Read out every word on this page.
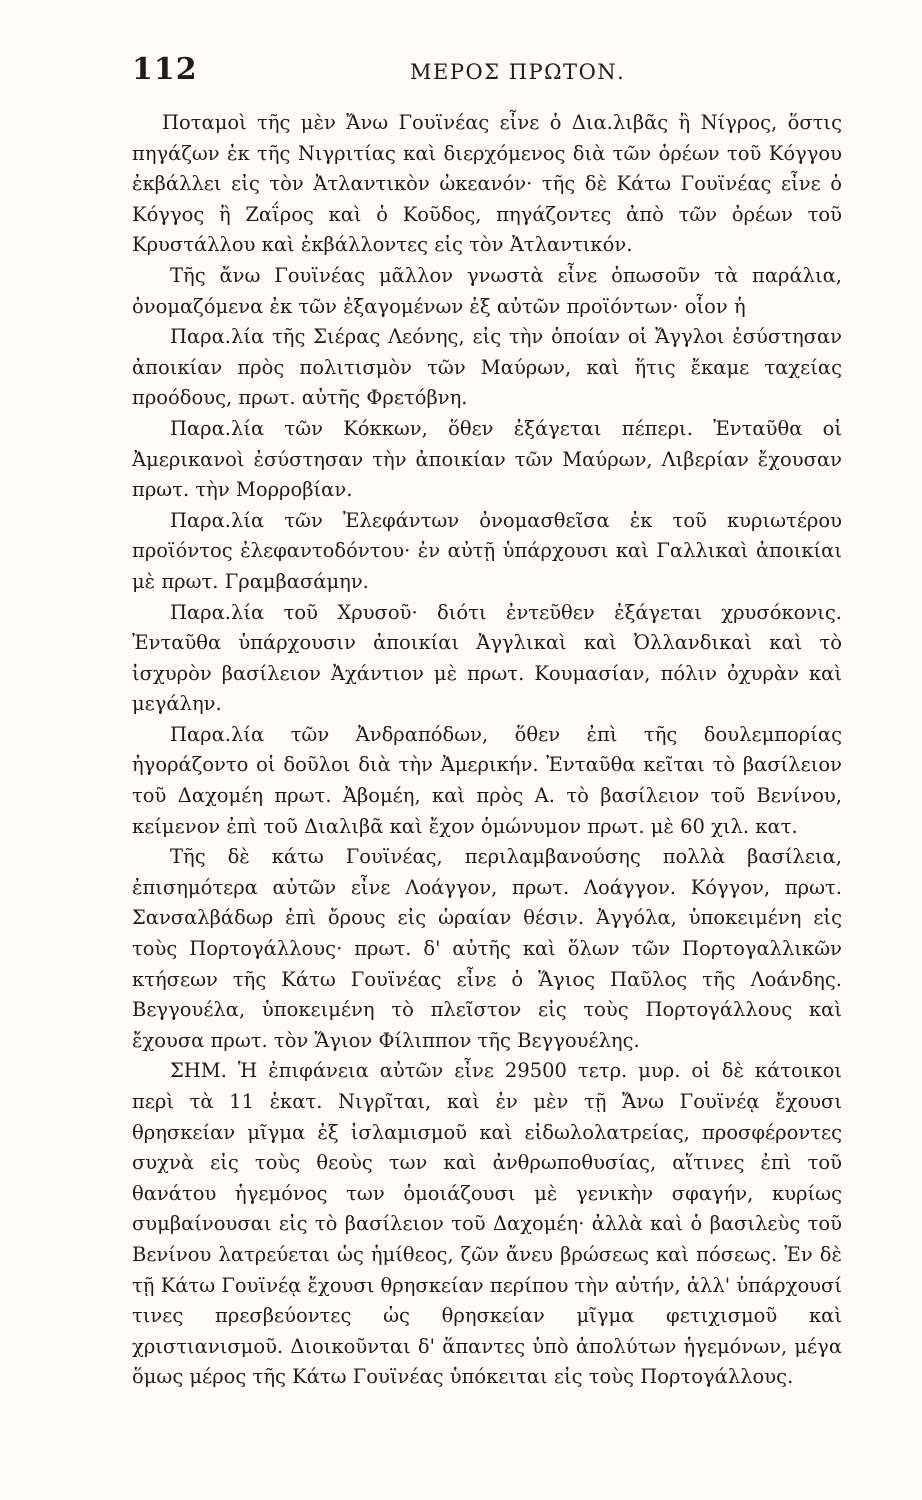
112	ΜΕΡΟΣ ΠΡΩΤΟΝ.

Ποταμοὶ τῆς μὲν Ἄνω Γουϊνέας εἶνε ὁ Δια.λιβᾶς ἢ Νίγρος, ὅστις πηγάζων ἐκ τῆς Νιγριτίας καὶ διερχόμενος διὰ τῶν ὀρέων τοῦ Κόγγου ἐκβάλλει εἰς τὸν Ἀτλαντικὸν ὠκεανόν· τῆς δὲ Κάτω Γουϊνέας εἶνε ὁ Κόγγος ἢ Ζαΐρος καὶ ὁ Κοῦδος, πηγάζοντες ἀπὸ τῶν ὀρέων τοῦ Κρυστάλλου καὶ ἐκβάλλοντες εἰς τὸν Ἀτλαντικόν.

Τῆς ἄνω Γουϊνέας μᾶλλον γνωστὰ εἶνε ὁπωσοῦν τὰ παράλια, ὀνομαζόμενα ἐκ τῶν ἐξαγομένων ἐξ αὐτῶν προϊόντων· οἷον ἡ

Παρα.λία τῆς Σιέρας Λεόνης, εἰς τὴν ὁποίαν οἱ Ἄγγλοι ἐσύστησαν ἀποικίαν πρὸς πολιτισμὸν τῶν Μαύρων, καὶ ἥτις ἔκαμε ταχείας προόδους, πρωτ. αὐτῆς Φρετόβνη.

Παρα.λία τῶν Κόκκων, ὅθεν ἐξάγεται πέπερι. Ἐνταῦθα οἱ Ἀμερικανοὶ ἐσύστησαν τὴν ἀποικίαν τῶν Μαύρων, Λιβερίαν ἔχουσαν πρωτ. τὴν Μορροβίαν.

Παρα.λία τῶν Ἐλεφάντων ὀνομασθεῖσα ἐκ τοῦ κυριωτέρου προϊόντος ἐλεφαντοδόντου· ἐν αὐτῇ ὑπάρχουσι καὶ Γαλλικαὶ ἀποικίαι μὲ πρωτ. Γραμβασάμην.

Παρα.λία τοῦ Χρυσοῦ· διότι ἐντεῦθεν ἐξάγεται χρυσόκονις. Ἐνταῦθα ὑπάρχουσιν ἀποικίαι Ἀγγλικαὶ καὶ Ὀλλανδικαὶ καὶ τὸ ἰσχυρὸν βασίλειον Ἀχάντιον μὲ πρωτ. Κουμασίαν, πόλιν ὀχυρὰν καὶ μεγάλην.

Παρα.λία τῶν Ἀνδραπόδων, ὅθεν ἐπὶ τῆς δουλεμπορίας ἠγοράζοντο οἱ δοῦλοι διὰ τὴν Ἀμερικήν. Ἐνταῦθα κεῖται τὸ βασίλειον τοῦ Δαχομέη πρωτ. Ἀβομέη, καὶ πρὸς Α. τὸ βασίλειον τοῦ Βενίνου, κείμενον ἐπὶ τοῦ Διαλιβᾶ καὶ ἔχον ὁμώνυμον πρωτ. μὲ 60 χιλ. κατ.

Τῆς δὲ κάτω Γουϊνέας, περιλαμβανούσης πολλὰ βασίλεια, ἐπισημότερα αὐτῶν εἶνε Λοάγγον, πρωτ. Λοάγγον. Κόγγον, πρωτ. Σανσαλβάδωρ ἐπὶ ὄρους εἰς ὡραίαν θέσιν. Ἀγγόλα, ὑποκειμένη εἰς τοὺς Πορτογάλλους· πρωτ. δ' αὐτῆς καὶ ὅλων τῶν Πορτογαλλικῶν κτήσεων τῆς Κάτω Γουϊνέας εἶνε ὁ Ἅγιος Παῦλος τῆς Λοάνδης. Βεγγουέλα, ὑποκειμένη τὸ πλεῖστον εἰς τοὺς Πορτογάλλους καὶ ἔχουσα πρωτ. τὸν Ἅγιον Φίλιππον τῆς Βεγγουέλης.

ΣΗΜ. Ἡ ἐπιφάνεια αὐτῶν εἶνε 29500 τετρ. μυρ. οἱ δὲ κάτοικοι περὶ τὰ 11 ἑκατ. Νιγρῖται, καὶ ἐν μὲν τῇ Ἄνω Γουϊνέᾳ ἔχουσι θρησκείαν μῖγμα ἐξ ἰσλαμισμοῦ καὶ εἰδωλολατρείας, προσφέροντες συχνὰ εἰς τοὺς θεοὺς των καὶ ἀνθρωποθυσίας, αἵτινες ἐπὶ τοῦ θανάτου ἡγεμόνος των ὁμοιάζουσι μὲ γενικὴν σφαγήν, κυρίως συμβαίνουσαι εἰς τὸ βασίλειον τοῦ Δαχομέη· ἀλλὰ καὶ ὁ βασιλεὺς τοῦ Βενίνου λατρεύεται ὡς ἡμίθεος, ζῶν ἄνευ βρώσεως καὶ πόσεως. Ἐν δὲ τῇ Κάτω Γουϊνέᾳ ἔχουσι θρησκείαν περίπου τὴν αὐτήν, ἀλλ' ὑπάρχουσί τινες πρεσβεύοντες ὡς θρησκείαν μῖγμα φετιχισμοῦ καὶ χριστιανισμοῦ. Διοικοῦνται δ' ἅπαντες ὑπὸ ἀπολύτων ἡγεμόνων, μέγα ὅμως μέρος τῆς Κάτω Γουϊνέας ὑπόκειται εἰς τοὺς Πορτογάλλους.
